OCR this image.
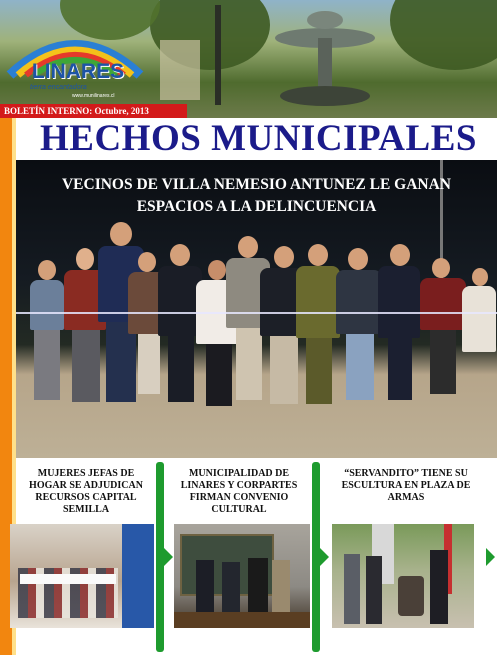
LINARES
tierra encantadora
www.munilinares.cl
BOLETÍN INTERNO: Octubre, 2013
HECHOS MUNICIPALES
VECINOS DE VILLA NEMESIO ANTUNEZ LE GANAN
ESPACIOS A LA DELINCUENCIA
MUJERES JEFAS DE HOGAR SE ADJUDICAN RECURSOS CAPITAL SEMILLA
MUNICIPALIDAD DE LINARES Y CORPARTES FIRMAN CONVENIO CULTURAL
“SERVANDITO” TIENE SU ESCULTURA EN PLAZA DE ARMAS
